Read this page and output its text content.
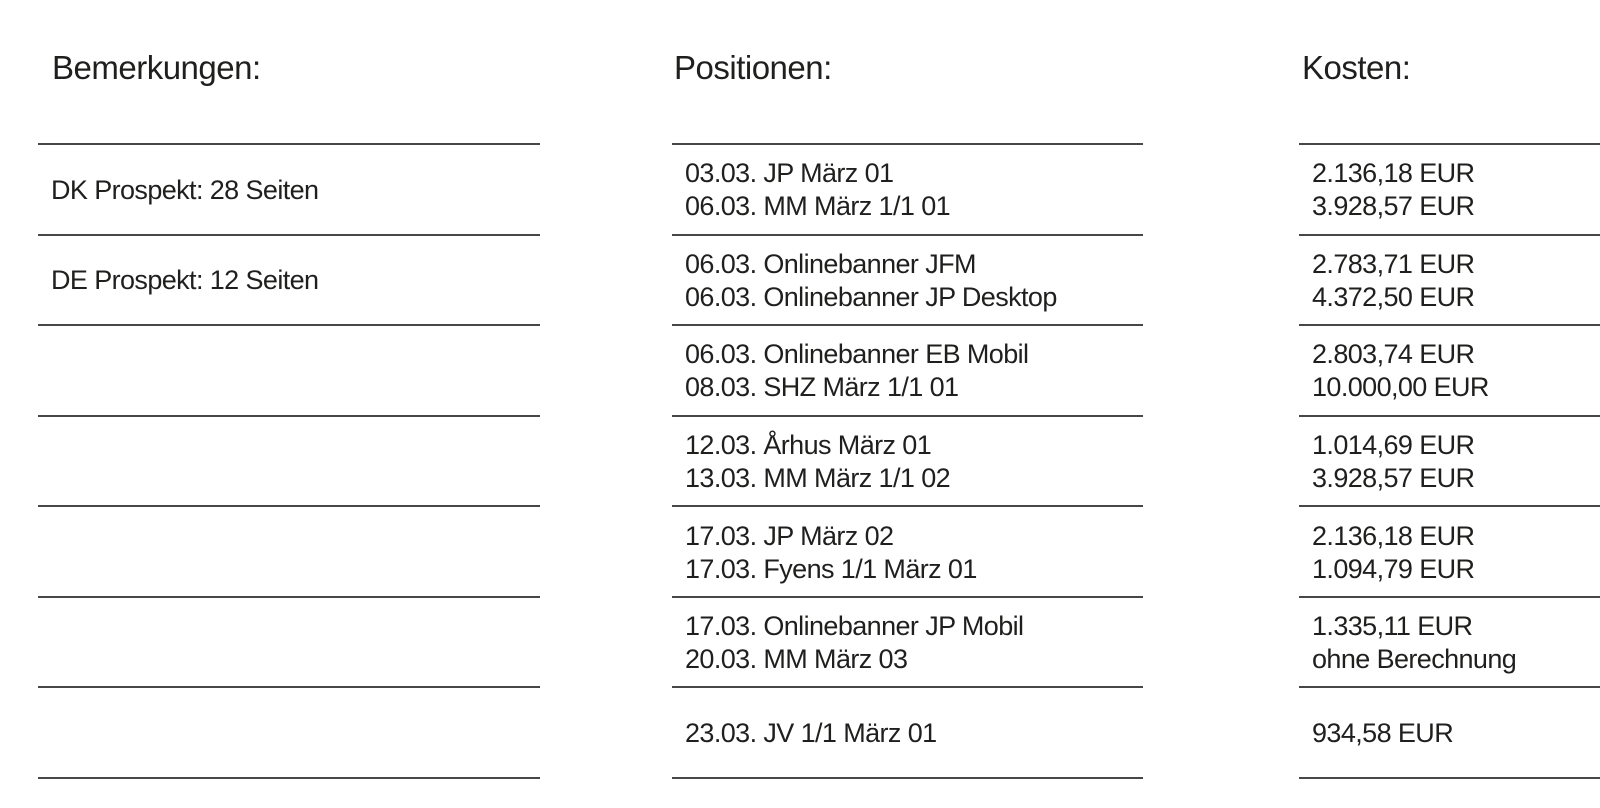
Bemerkungen:
DK Prospekt: 28 Seiten
DE Prospekt: 12 Seiten
Positionen:
03.03. JP März 01
06.03. MM März 1/1 01
06.03. Onlinebanner JFM
06.03. Onlinebanner JP Desktop
06.03. Onlinebanner EB Mobil
08.03. SHZ März 1/1 01
12.03. Århus März 01
13.03. MM März 1/1 02
17.03. JP März 02
17.03. Fyens 1/1 März 01
17.03. Onlinebanner JP Mobil
20.03. MM März 03
23.03. JV 1/1 März 01
Kosten:
2.136,18 EUR
3.928,57 EUR
2.783,71 EUR
4.372,50 EUR
2.803,74 EUR
10.000,00 EUR
1.014,69 EUR
3.928,57 EUR
2.136,18 EUR
1.094,79 EUR
1.335,11 EUR
ohne Berechnung
934,58 EUR
